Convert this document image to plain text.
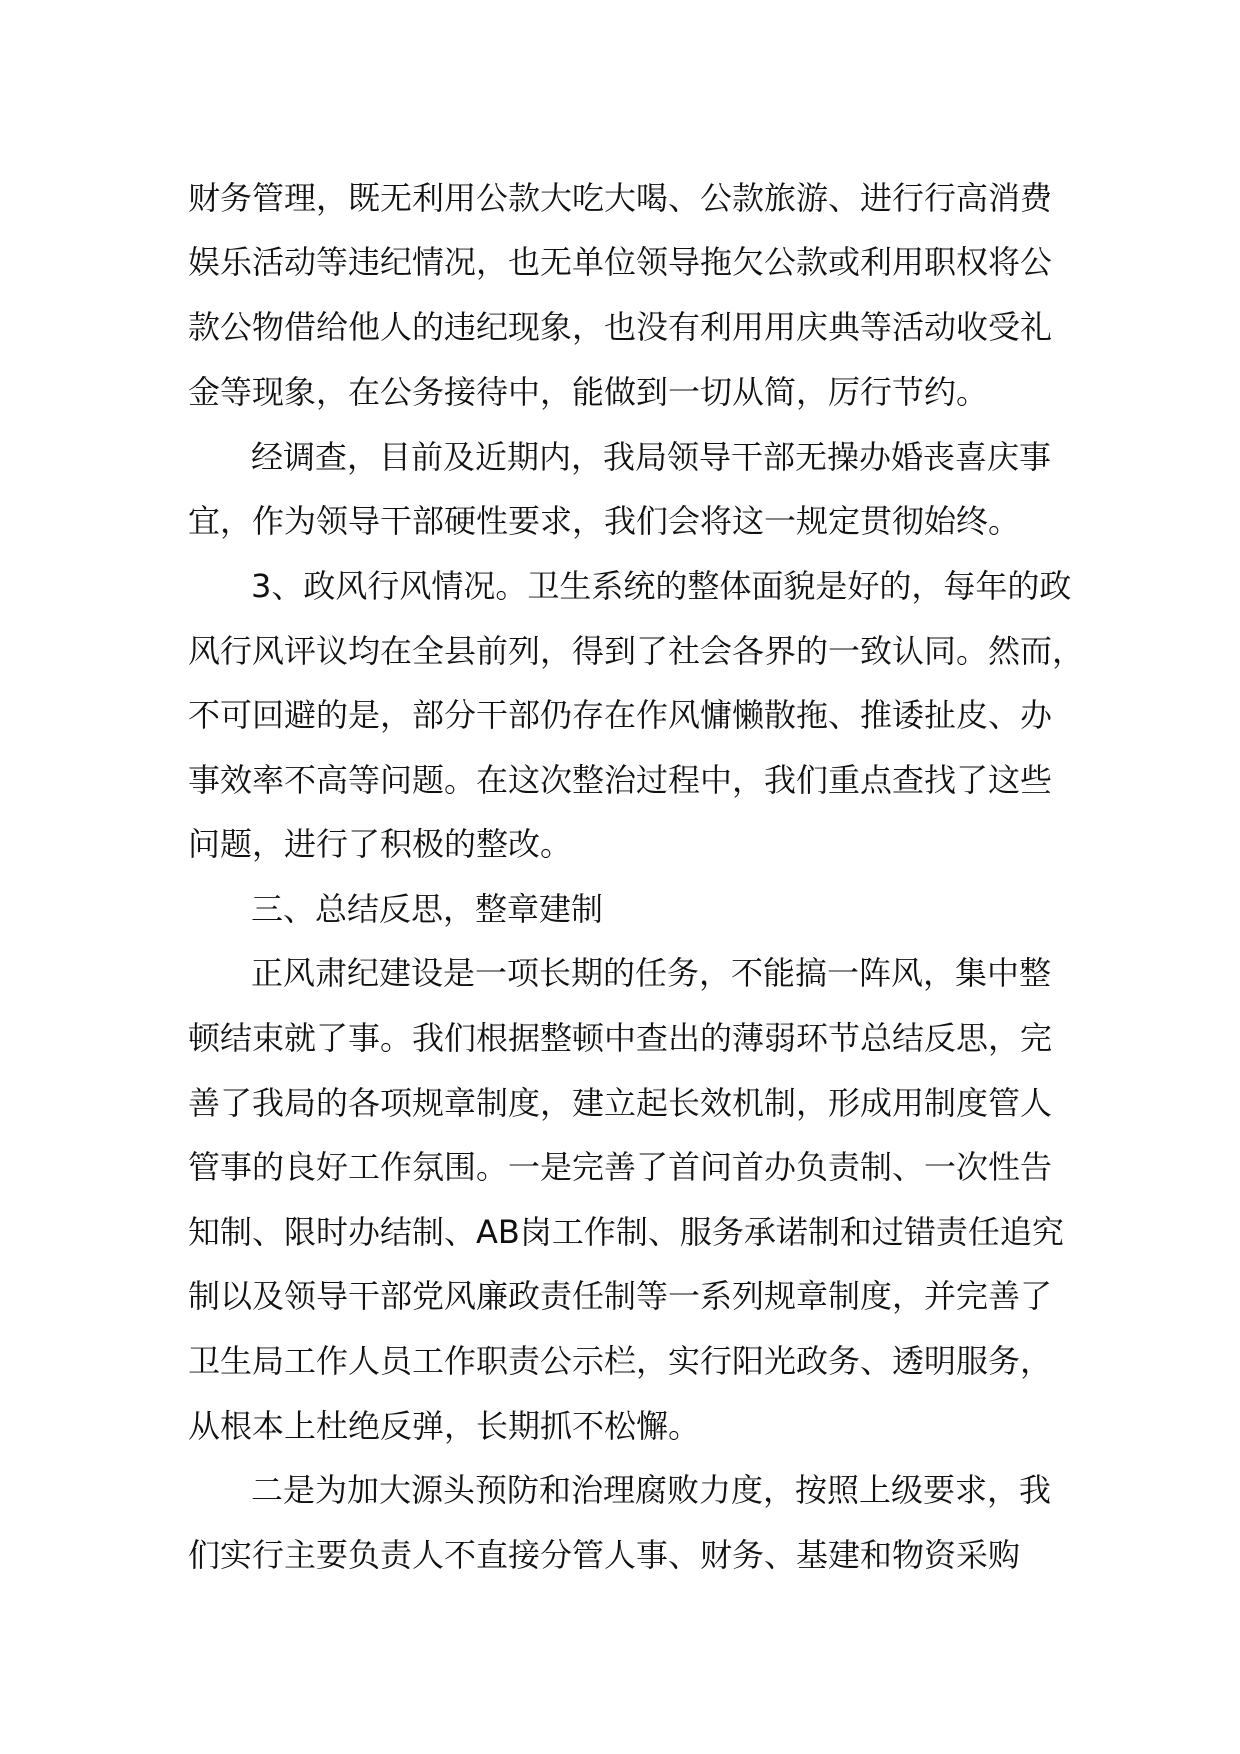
财务管理，既无利用公款大吃大喝、公款旅游、进行行高消费

娱乐活动等违纪情况，也无单位领导拖欠公款或利用职权将公

款公物借给他人的违纪现象，也没有利用用庆典等活动收受礼

金等现象，在公务接待中，能做到一切从简，厉行节约。

经调查，目前及近期内，我局领导干部无操办婚丧喜庆事

宜，作为领导干部硬性要求，我们会将这一规定贯彻始终。

3、政风行风情况。卫生系统的整体面貌是好的，每年的政

风行风评议均在全县前列，得到了社会各界的一致认同。然而，

不可回避的是，部分干部仍存在作风慵懒散拖、推诿扯皮、办

事效率不高等问题。在这次整治过程中，我们重点查找了这些

问题，进行了积极的整改。

三、总结反思，整章建制

正风肃纪建设是一项长期的任务，不能搞一阵风，集中整

顿结束就了事。我们根据整顿中查出的薄弱环节总结反思，完

善了我局的各项规章制度，建立起长效机制，形成用制度管人

管事的良好工作氛围。一是完善了首问首办负责制、一次性告

知制、限时办结制、AB岗工作制、服务承诺制和过错责任追究

制以及领导干部党风廉政责任制等一系列规章制度，并完善了

卫生局工作人员工作职责公示栏，实行阳光政务、透明服务，

从根本上杜绝反弹，长期抓不松懈。

二是为加大源头预防和治理腐败力度，按照上级要求，我

们实行主要负责人不直接分管人事、财务、基建和物资采购
